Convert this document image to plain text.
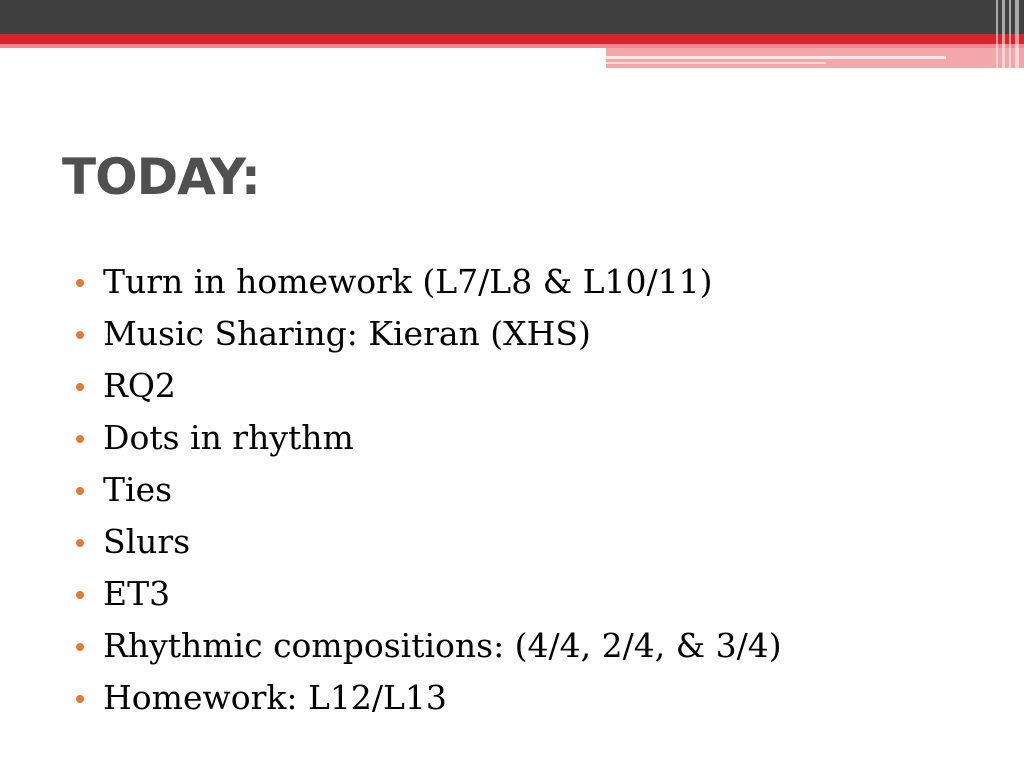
TODAY:
Turn in homework (L7/L8 & L10/11)
Music Sharing: Kieran (XHS)
RQ2
Dots in rhythm
Ties
Slurs
ET3
Rhythmic compositions: (4/4, 2/4, & 3/4)
Homework: L12/L13
